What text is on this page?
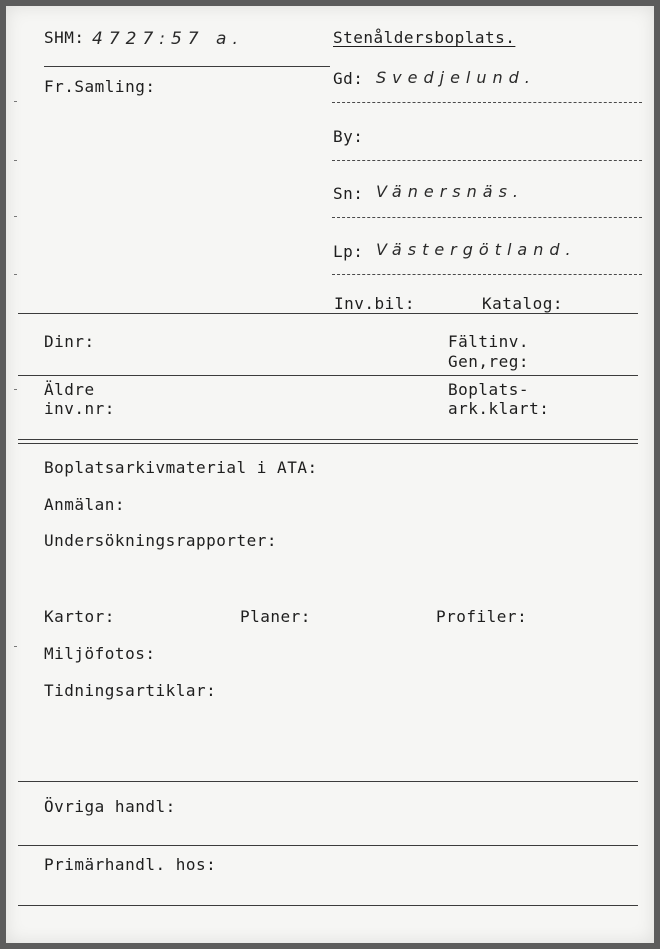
SHM: 4727:57 a.
Fr.Samling:
Stenåldersboplats.
Gd: Svedjelund.
By:
Sn: Vänersnäs.
Lp: Västergötland.
Inv.bil:	Katalog:
Dinr:	Fältinv.
Gen,reg:
Äldre
inv.nr:
Boplats-
ark.klart:
Boplatsarkivmaterial i ATA:
Anmälan:
Undersökningsrapporter:
Kartor:	Planer:	Profiler:
Miljöfotos:
Tidningsartiklar:
Övriga handl:
Primärhandl. hos:
